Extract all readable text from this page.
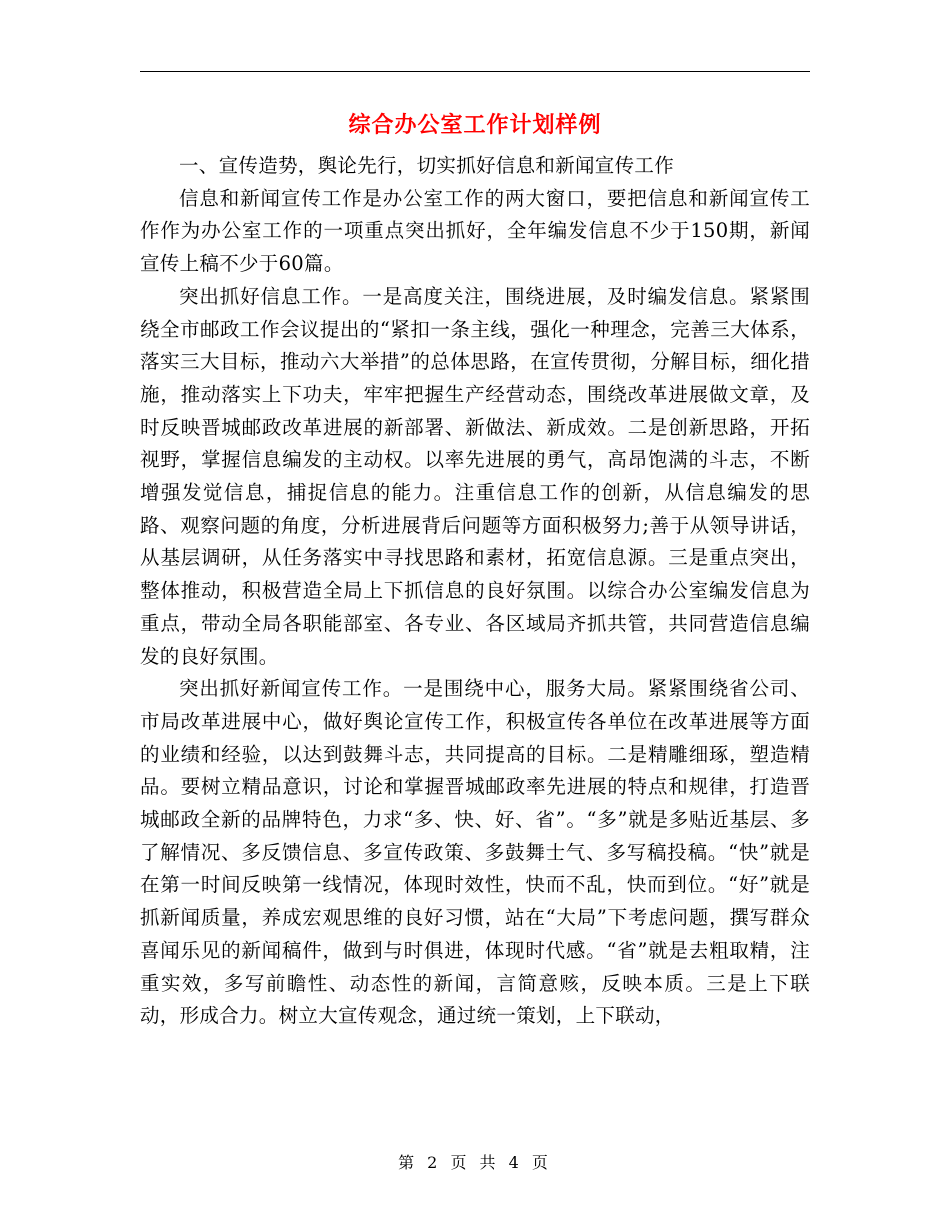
综合办公室工作计划样例

一、宣传造势，舆论先行，切实抓好信息和新闻宣传工作

信息和新闻宣传工作是办公室工作的两大窗口，要把信息和新闻宣传工作作为办公室工作的一项重点突出抓好，全年编发信息不少于150期，新闻宣传上稿不少于60篇。

突出抓好信息工作。一是高度关注，围绕进展，及时编发信息。紧紧围绕全市邮政工作会议提出的“紧扣一条主线，强化一种理念，完善三大体系，落实三大目标，推动六大举措”的总体思路，在宣传贯彻，分解目标，细化措施，推动落实上下功夫，牢牢把握生产经营动态，围绕改革进展做文章，及时反映晋城邮政改革进展的新部署、新做法、新成效。二是创新思路，开拓视野，掌握信息编发的主动权。以率先进展的勇气，高昂饱满的斗志，不断增强发觉信息，捕捉信息的能力。注重信息工作的创新，从信息编发的思路、观察问题的角度，分析进展背后问题等方面积极努力;善于从领导讲话，从基层调研，从任务落实中寻找思路和素材，拓宽信息源。三是重点突出，整体推动，积极营造全局上下抓信息的良好氛围。以综合办公室编发信息为重点，带动全局各职能部室、各专业、各区域局齐抓共管，共同营造信息编发的良好氛围。

突出抓好新闻宣传工作。一是围绕中心，服务大局。紧紧围绕省公司、市局改革进展中心，做好舆论宣传工作，积极宣传各单位在改革进展等方面的业绩和经验，以达到鼓舞斗志，共同提高的目标。二是精雕细琢，塑造精品。要树立精品意识，讨论和掌握晋城邮政率先进展的特点和规律，打造晋城邮政全新的品牌特色，力求“多、快、好、省”。“多”就是多贴近基层、多了解情况、多反馈信息、多宣传政策、多鼓舞士气、多写稿投稿。“快”就是在第一时间反映第一线情况，体现时效性，快而不乱，快而到位。“好”就是抓新闻质量，养成宏观思维的良好习惯，站在“大局”下考虑问题，撰写群众喜闻乐见的新闻稿件，做到与时俱进，体现时代感。“省”就是去粗取精，注重实效，多写前瞻性、动态性的新闻，言简意赅，反映本质。三是上下联动，形成合力。树立大宣传观念，通过统一策划，上下联动，

第 2 页 共 4 页
